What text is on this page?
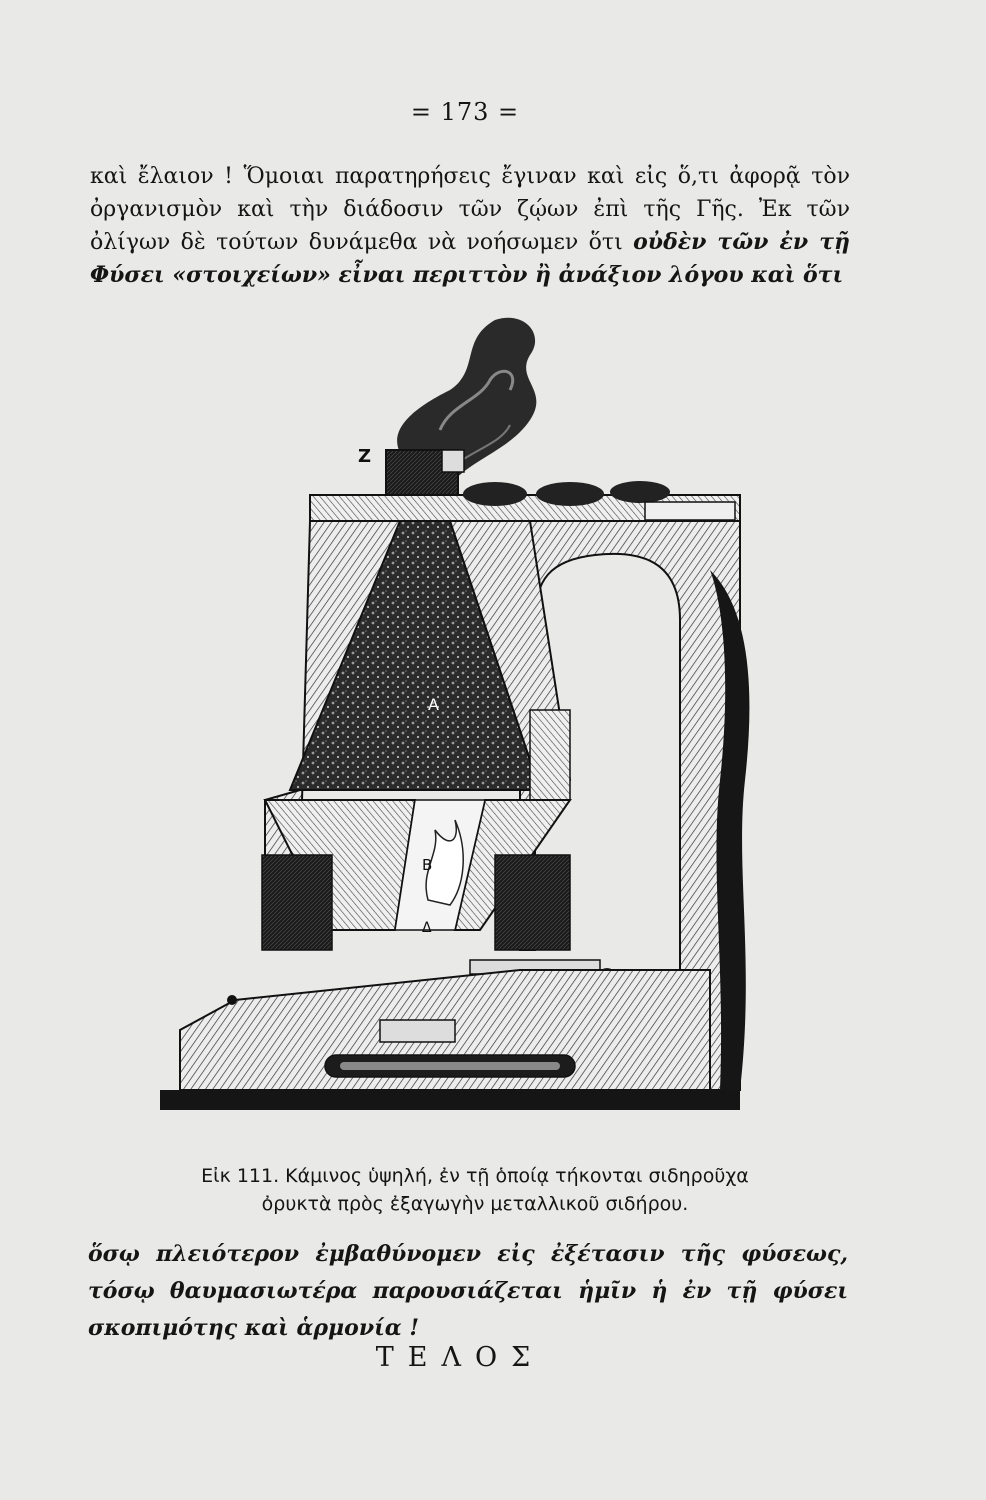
= 173 =

καὶ ἔλαιον ! Ὅμοιαι παρατηρήσεις ἔγιναν καὶ εἰς ὅ,τι ἀφορᾷ τὸν ὀργανισμὸν καὶ τὴν διάδοσιν τῶν ζῴων ἐπὶ τῆς Γῆς. Ἐκ τῶν ὀλίγων δὲ τούτων δυνάμεθα νὰ νοήσωμεν ὅτι οὐδὲν τῶν ἐν τῇ Φύσει «στοιχείων» εἶναι περιττὸν ἢ ἀνάξιον λόγου καὶ ὅτι

Z
A
B
Δ
Εἰκ 111. Κάμινος ὑψηλή, ἐν τῇ ὁποίᾳ τήκονται σιδηροῦχα
ὀρυκτὰ πρὸς ἐξαγωγὴν μεταλλικοῦ σιδήρου.

ὅσῳ πλειότερον ἐμβαθύνομεν εἰς ἐξέτασιν τῆς φύσεως, τόσῳ θαυμασιωτέρα παρουσιάζεται ἡμῖν ἡ ἐν τῇ φύσει σκοπιμότης καὶ ἁρμονία !

ΤΕΛΟΣ
